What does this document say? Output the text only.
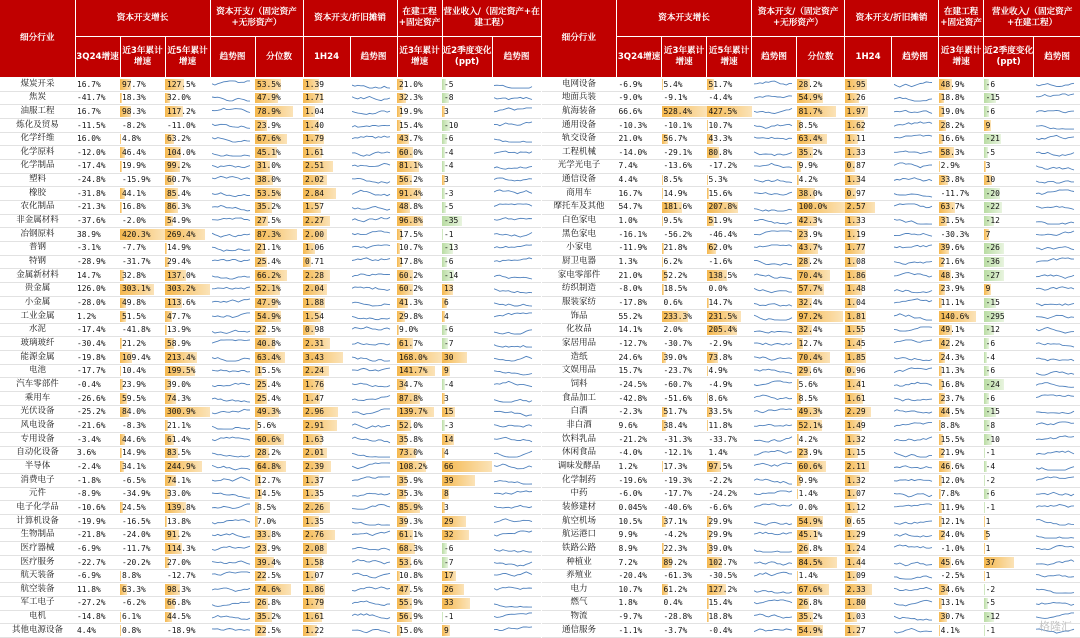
细分行业	资本开支增长			资本开支/（固定资产+无形资产）		资本开支/折旧摊销		在建工程+固定资产	营业收入/（固定资产+在建工程）	
	3Q24增速	近3年累计增速	近5年累计增速	趋势图	分位数	1H24	趋势图	近3年累计增速	近2季度变化(ppt)	趋势图
煤炭开采	16.7%	97.7%	127.5%		53.5%	1.39		21.0%	-5	

焦炭	-41.7%	18.3%	32.0%		47.9%	1.71		32.3%	-8	

油服工程	16.7%	98.3%	117.2%		78.9%	1.04		19.9%	3	

炼化及贸易	-11.5%	-8.2%	-11.0%		23.9%	1.40		15.4%	-10	

化学纤维	16.0%	4.8%	63.2%		67.6%	1.79		43.7%	-6	

化学原料	-12.0%	46.4%	104.0%		45.1%	1.61		60.0%	-4	

化学制品	-17.4%	19.9%	99.2%		31.0%	2.51		81.1%	-4	

塑料	-24.8%	-15.9%	60.7%		38.0%	2.02		56.2%	3	

橡胶	-31.8%	44.1%	85.4%		53.5%	2.84		91.4%	-3	

农化制品	-21.3%	16.8%	86.3%		35.2%	1.57		48.8%	-5	

非金属材料	-37.6%	-2.0%	54.9%		27.5%	2.27		96.8%	-35	

冶钢原料	38.9%	420.3%	269.4%		87.3%	2.00		17.5%	-1	

普钢	-3.1%	-7.7%	14.9%		21.1%	1.06		10.7%	-13	

特钢	-28.9%	-31.7%	29.4%		25.4%	0.71		17.8%	-6	

金属新材料	14.7%	32.8%	137.0%		66.2%	2.28		60.2%	-14	

贵金属	126.0%	303.1%	303.2%		52.1%	2.04		60.2%	13	

小金属	-28.0%	49.8%	113.6%		47.9%	1.88		41.3%	6	

工业金属	1.2%	51.5%	47.7%		54.9%	1.54		29.8%	4	

水泥	-17.4%	-41.8%	13.9%		22.5%	0.98		9.0%	-6	

玻璃玻纤	-30.4%	21.2%	58.9%		40.8%	2.31		61.7%	-7	

能源金属	-19.8%	109.4%	213.4%		63.4%	3.43		168.0%	30	

电池	-17.7%	10.4%	199.5%		15.5%	2.24		141.7%	9	

汽车零部件	-0.4%	23.9%	39.0%		25.4%	1.76		34.7%	-4	

乘用车	-26.6%	59.5%	74.3%		25.4%	1.47		87.8%	3	

光伏设备	-25.2%	84.0%	300.9%		49.3%	2.96		139.7%	15	

风电设备	-21.6%	-8.3%	21.1%		5.6%	2.91		52.0%	-3	

专用设备	-3.4%	44.6%	61.4%		60.6%	1.63		35.8%	14	

自动化设备	3.6%	14.9%	83.5%		28.2%	2.01		73.0%	4	

半导体	-2.4%	34.1%	244.9%		64.8%	2.39		108.2%	66	

消费电子	-1.8%	-6.5%	74.1%		12.7%	1.37		35.9%	39	

元件	-8.9%	-34.9%	33.0%		14.5%	1.35		35.3%	8	

电子化学品	-10.6%	24.5%	139.8%		8.5%	2.26		85.9%	3	

计算机设备	-19.9%	-16.5%	13.8%		7.0%	1.35		39.3%	29	

生物制品	-21.8%	-24.0%	91.2%		33.8%	2.76		61.1%	32	

医疗器械	-6.9%	-11.7%	114.3%		23.9%	2.08		68.3%	-6	

医疗服务	-22.7%	-20.2%	27.0%		39.4%	1.58		53.6%	-7	

航天装备	-6.9%	8.8%	-12.7%		22.5%	1.07		10.8%	17	

航空装备	11.8%	63.3%	98.3%		74.6%	1.86		47.5%	26	

军工电子	-27.2%	-6.2%	66.8%		26.8%	1.79		55.9%	33	

电机	-14.8%	6.1%	44.5%		35.2%	1.61		56.9%	-1	

其他电源设备	4.4%	0.8%	-18.9%		22.5%	1.22		15.0%	9	
细分行业	资本开支增长			资本开支/（固定资产+无形资产）		资本开支/折旧摊销		在建工程+固定资产	营业收入/（固定资产+在建工程）	
	3Q24增速	近3年累计增速	近5年累计增速	趋势图	分位数	1H24	趋势图	近3年累计增速	近2季度变化(ppt)	趋势图
电网设备	-6.9%	5.4%	51.7%		28.2%	1.95		48.9%	-6	

地面兵装	-9.0%	-9.1%	-4.4%		54.9%	1.26		18.8%	-15	

航海装备	66.6%	528.4%	427.5%		81.7%	1.97		19.0%	-6	

通用设备	-10.3%	-10.1%	10.7%		8.5%	1.62		28.2%	9	

轨交设备	21.0%	56.7%	43.3%		63.4%	1.11		16.6%	-21	

工程机械	-14.0%	-29.1%	80.8%		35.2%	1.33		58.3%	-5	

光学光电子	7.4%	-13.6%	-17.2%		9.9%	0.87		2.9%	3	

通信设备	4.4%	8.5%	5.3%		4.2%	1.34		33.8%	10	

商用车	16.7%	14.9%	15.6%		38.0%	0.97		-11.7%	-20	

摩托车及其他	54.7%	181.6%	207.8%		100.0%	2.57		63.7%	-22	

白色家电	1.0%	9.5%	51.9%		42.3%	1.33		31.5%	-12	

黑色家电	-16.1%	-56.2%	-46.4%		23.9%	1.19		-30.3%	7	

小家电	-11.9%	21.8%	62.0%		43.7%	1.77		39.6%	-26	

厨卫电器	1.3%	6.2%	-1.6%		28.2%	1.08		21.6%	-36	

家电零部件	21.0%	52.2%	138.5%		70.4%	1.86		48.3%	-27	

纺织制造	-8.0%	18.5%	0.0%		57.7%	1.48		23.9%	9	

服装家纺	-17.8%	0.6%	14.7%		32.4%	1.04		11.1%	-15	

饰品	55.2%	233.3%	231.5%		97.2%	1.81		140.6%	-295	

化妆品	14.1%	2.0%	205.4%		32.4%	1.55		49.1%	-12	

家居用品	-12.7%	-30.7%	-2.9%		12.7%	1.45		42.2%	-6	

造纸	24.6%	39.0%	73.8%		70.4%	1.85		24.3%	-4	

文娱用品	15.7%	-23.7%	4.9%		29.6%	0.96		11.3%	-6	

饲料	-24.5%	-60.7%	-4.9%		5.6%	1.41		16.8%	-24	

食品加工	-42.8%	-51.6%	8.6%		8.5%	1.61		23.7%	-6	

白酒	-2.3%	51.7%	33.5%		49.3%	2.29		44.5%	-15	

非白酒	9.6%	38.4%	11.8%		52.1%	1.49		8.8%	-8	

饮料乳品	-21.2%	-31.3%	-33.7%		4.2%	1.32		15.5%	-10	

休闲食品	-4.0%	-12.1%	1.4%		23.9%	1.15		21.9%	-1	

调味发酵品	1.2%	17.3%	97.5%		60.6%	2.11		46.6%	-4	

化学制药	-19.6%	-19.3%	-2.2%		9.9%	1.32		12.0%	-2	

中药	-6.0%	-17.7%	-24.2%		1.4%	1.07		7.8%	-6	

装修建材	0.045%	-40.6%	-6.6%		0.0%	1.12		11.9%	-1	

航空机场	10.5%	37.1%	29.9%		54.9%	0.65		12.1%	1	

航运港口	9.9%	-4.2%	29.9%		45.1%	1.29		24.0%	5	

铁路公路	8.9%	22.3%	39.0%		26.8%	1.24		-1.0%	1	

种植业	7.2%	89.2%	102.7%		84.5%	1.44		45.6%	37	

养殖业	-20.4%	-61.3%	-30.5%		1.4%	1.09		-2.5%	1	

电力	10.7%	61.2%	127.2%		67.6%	2.33		34.6%	-2	

燃气	1.8%	0.4%	15.4%		26.8%	1.80		13.1%	-5	

物流	-9.7%	-28.8%	18.8%		35.2%	1.03		30.7%	-12	

通信服务	-1.1%	-3.7%	-0.4%		54.9%	1.27		4.1%	-1		格隆汇
